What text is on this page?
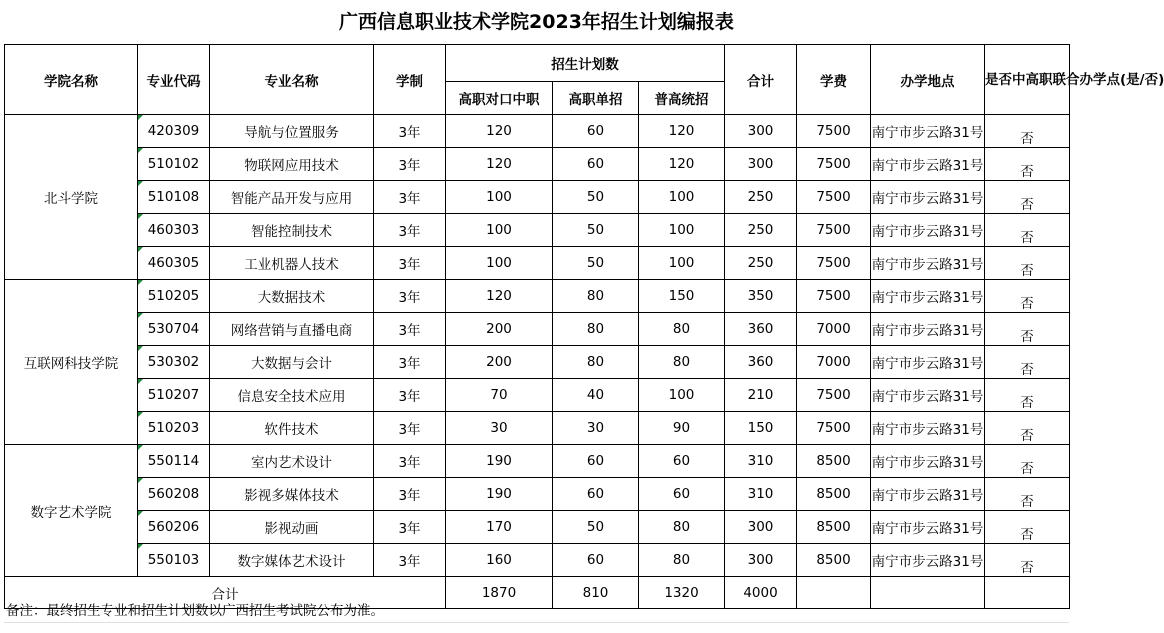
广西信息职业技术学院2023年招生计划编报表
学院名称	专业代码	专业名称	学制	招生计划数			合计	学费	办学地点	是否中高职联合办学点(是/否)
				高职对口中职	高职单招	普高统招				
北斗学院	420309	导航与位置服务	3年	120	60	120	300	7500	南宁市步云路31号	否
	510102	物联网应用技术	3年	120	60	120	300	7500	南宁市步云路31号	否
	510108	智能产品开发与应用	3年	100	50	100	250	7500	南宁市步云路31号	否
	460303	智能控制技术	3年	100	50	100	250	7500	南宁市步云路31号	否
	460305	工业机器人技术	3年	100	50	100	250	7500	南宁市步云路31号	否
互联网科技学院	510205	大数据技术	3年	120	80	150	350	7500	南宁市步云路31号	否
	530704	网络营销与直播电商	3年	200	80	80	360	7000	南宁市步云路31号	否
	530302	大数据与会计	3年	200	80	80	360	7000	南宁市步云路31号	否
	510207	信息安全技术应用	3年	70	40	100	210	7500	南宁市步云路31号	否
	510203	软件技术	3年	30	30	90	150	7500	南宁市步云路31号	否
数字艺术学院	550114	室内艺术设计	3年	190	60	60	310	8500	南宁市步云路31号	否
	560208	影视多媒体技术	3年	190	60	60	310	8500	南宁市步云路31号	否
	560206	影视动画	3年	170	50	80	300	8500	南宁市步云路31号	否
	550103	数字媒体艺术设计	3年	160	60	80	300	8500	南宁市步云路31号	否
合计				1870	810	1320	4000			
备注：最终招生专业和招生计划数以广西招生考试院公布为准。
